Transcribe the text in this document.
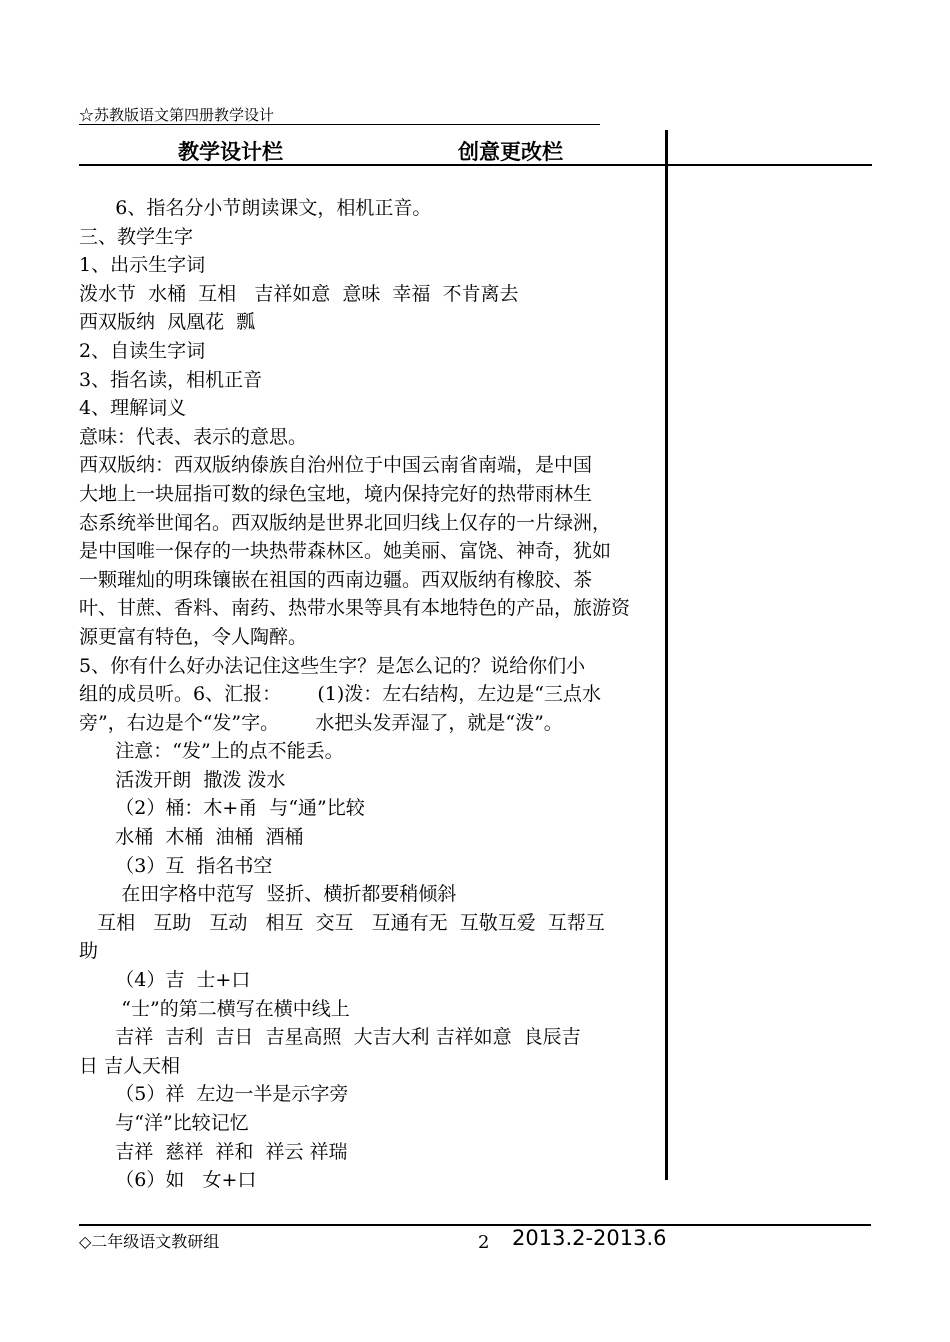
☆苏教版语文第四册教学设计
教学设计栏	创意更改栏
6、指名分小节朗读课文，相机正音。
三、教学生字
1、出示生字词
泼水节  水桶  互相   吉祥如意  意味  幸福  不肯离去
西双版纳  凤凰花  瓢
2、自读生字词
3、指名读，相机正音
4、理解词义
意味：代表、表示的意思。
西双版纳：西双版纳傣族自治州位于中国云南省南端，是中国
大地上一块屈指可数的绿色宝地，境内保持完好的热带雨林生
态系统举世闻名。西双版纳是世界北回归线上仅存的一片绿洲，
是中国唯一保存的一块热带森林区。她美丽、富饶、神奇，犹如
一颗璀灿的明珠镶嵌在祖国的西南边疆。西双版纳有橡胶、茶
叶、甘蔗、香料、南药、热带水果等具有本地特色的产品，旅游资
源更富有特色，令人陶醉。
5、你有什么好办法记住这些生字？是怎么记的？说给你们小
组的成员听。6、汇报：      (1)泼：左右结构，左边是“三点水
旁”，右边是个“发”字。      水把头发弄湿了，就是“泼”。
注意：“发”上的点不能丢。
活泼开朗  撒泼 泼水
（2）桶：木+甬  与“通”比较
水桶  木桶  油桶  酒桶
（3）互  指名书空
在田字格中范写  竖折、横折都要稍倾斜
互相   互助   互动   相互  交互   互通有无  互敬互爱  互帮互
助
（4）吉  士+口
“士”的第二横写在横中线上
吉祥  吉利  吉日  吉星高照  大吉大利 吉祥如意  良辰吉
日 吉人天相
（5）祥  左边一半是示字旁
与“洋”比较记忆
吉祥  慈祥  祥和  祥云 祥瑞
（6）如   女+口
◇二年级语文教研组	2 2013.2-2013.6
